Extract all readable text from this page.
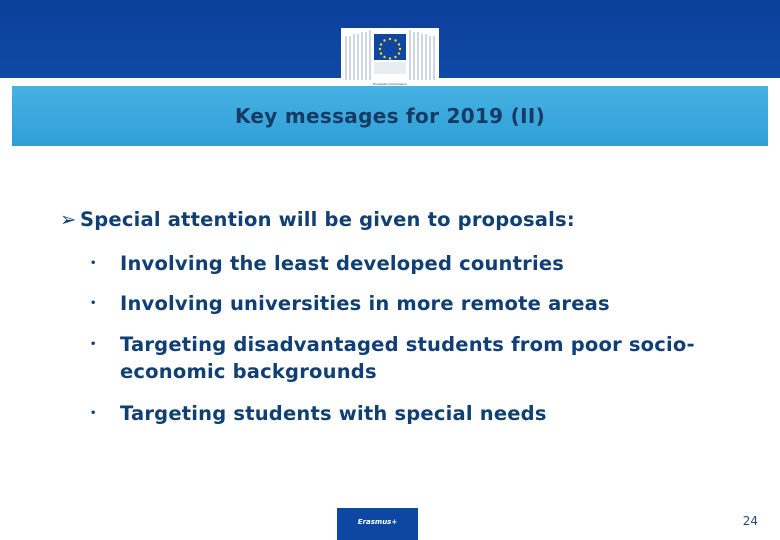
European Commission
Key messages for 2019 (II)
➢ Special attention will be given to proposals:
• Involving the least developed countries
• Involving universities in more remote areas
• Targeting disadvantaged students from poor socio-economic backgrounds
• Targeting students with special needs
Erasmus+	24
